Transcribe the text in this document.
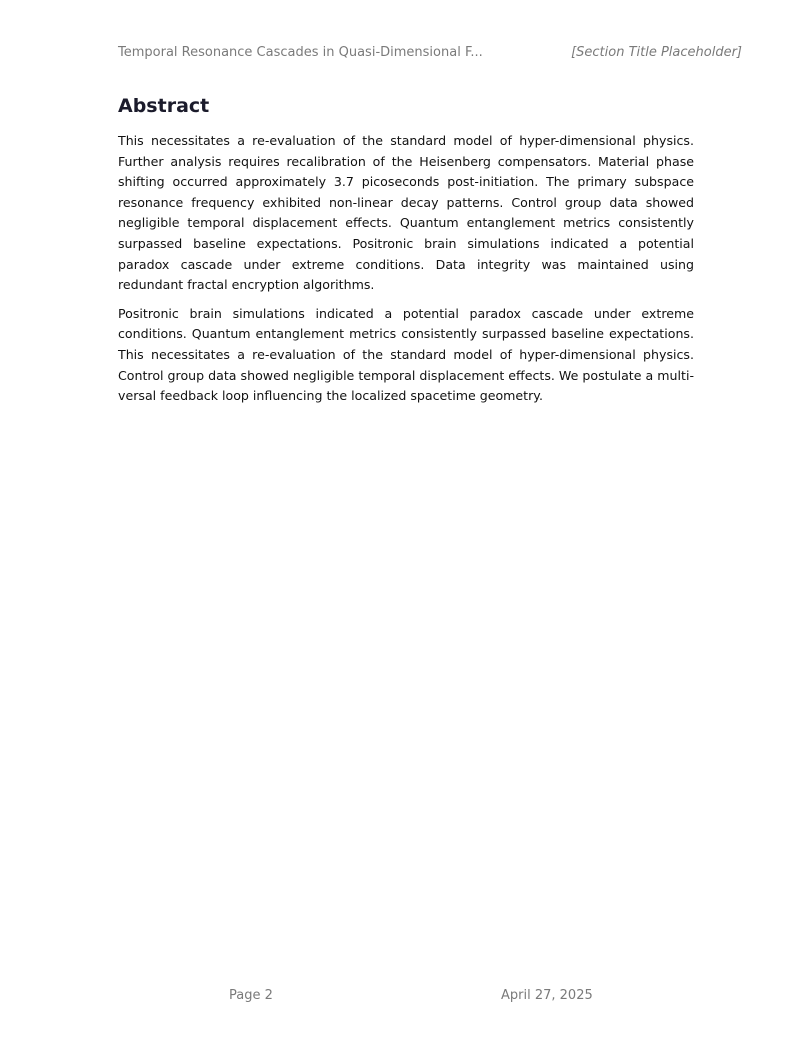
Temporal Resonance Cascades in Quasi-Dimensional F...	[Section Title Placeholder]
Abstract

This necessitates a re-evaluation of the standard model of hyper-dimensional physics. Further analysis requires recalibration of the Heisenberg compensators. Material phase shifting occurred approximately 3.7 picoseconds post-initiation. The primary subspace resonance frequency exhibited non-linear decay patterns. Control group data showed negligible temporal displacement effects. Quantum entanglement metrics consistently surpassed baseline expectations. Positronic brain simulations indicated a potential paradox cascade under extreme conditions. Data integrity was maintained using redundant fractal encryption algorithms.

Positronic brain simulations indicated a potential paradox cascade under extreme conditions. Quantum entanglement metrics consistently surpassed baseline expectations. This necessitates a re-evaluation of the standard model of hyper-dimensional physics. Control group data showed negligible temporal displacement effects. We postulate a multi-versal feedback loop influencing the localized spacetime geometry.

Page 2	April 27, 2025
